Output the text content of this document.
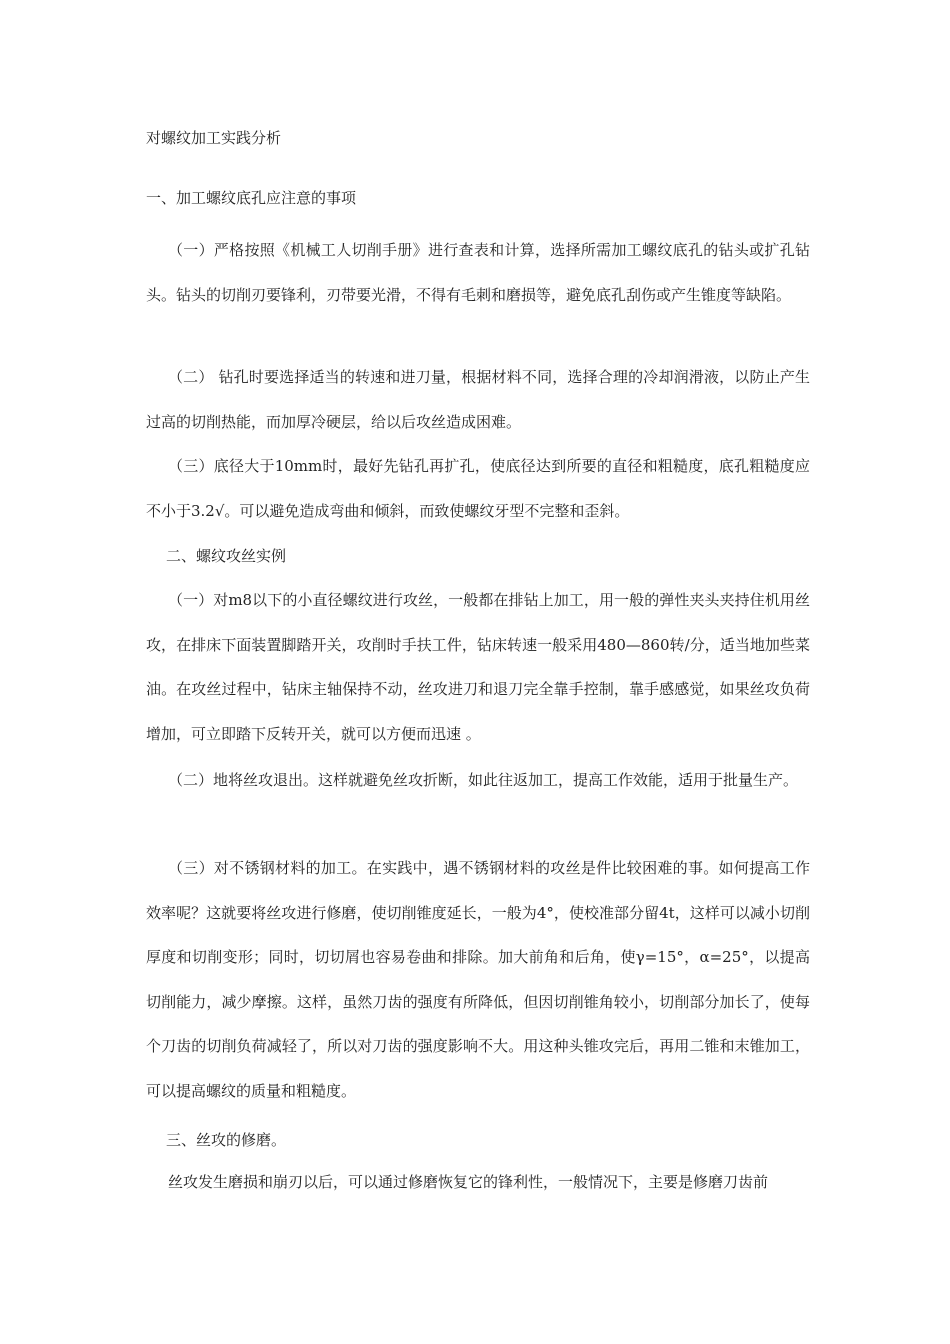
对螺纹加工实践分析
一、加工螺纹底孔应注意的事项

（一）严格按照《机械工人切削手册》进行查表和计算，选择所需加工螺纹底孔的钻头或扩孔钻头。钻头的切削刃要锋利，刃带要光滑，不得有毛刺和磨损等，避免底孔刮伤或产生锥度等缺陷。

（二） 钻孔时要选择适当的转速和进刀量，根据材料不同，选择合理的冷却润滑液，以防止产生过高的切削热能，而加厚冷硬层，给以后攻丝造成困难。

（三）底径大于10mm时，最好先钻孔再扩孔，使底径达到所要的直径和粗糙度，底孔粗糙度应不小于3.2√。可以避免造成弯曲和倾斜，而致使螺纹牙型不完整和歪斜。

二、螺纹攻丝实例

（一）对m8以下的小直径螺纹进行攻丝，一般都在排钻上加工，用一般的弹性夹头夹持住机用丝攻，在排床下面装置脚踏开关，攻削时手扶工件，钻床转速一般采用480—860转/分，适当地加些菜油。在攻丝过程中，钻床主轴保持不动，丝攻进刀和退刀完全靠手控制，靠手感感觉，如果丝攻负荷增加，可立即踏下反转开关，就可以方便而迅速 。

（二）地将丝攻退出。这样就避免丝攻折断，如此往返加工，提高工作效能，适用于批量生产。

（三）对不锈钢材料的加工。在实践中，遇不锈钢材料的攻丝是件比较困难的事。如何提高工作效率呢？这就要将丝攻进行修磨，使切削锥度延长，一般为4°，使校准部分留4t，这样可以减小切削厚度和切削变形；同时，切切屑也容易卷曲和排除。加大前角和后角，使γ=15°，α=25°，以提高切削能力，减少摩擦。这样，虽然刀齿的强度有所降低，但因切削锥角较小，切削部分加长了，使每个刀齿的切削负荷减轻了，所以对刀齿的强度影响不大。用这种头锥攻完后，再用二锥和末锥加工，可以提高螺纹的质量和粗糙度。

三、丝攻的修磨。

丝攻发生磨损和崩刃以后，可以通过修磨恢复它的锋利性，一般情况下，主要是修磨刀齿前
